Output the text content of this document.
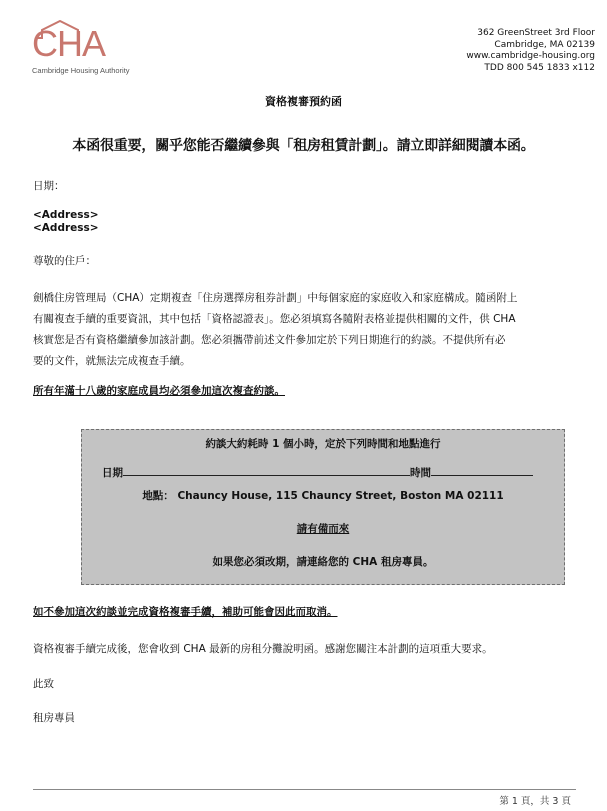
CHA
Cambridge Housing Authority
362 GreenStreet 3rd Floor
Cambridge, MA 02139
www.cambridge-housing.org
TDD 800 545 1833 x112
資格複審預約函
本函很重要，關乎您能否繼續參與「租房租賃計劃」。請立即詳細閱讀本函。
日期：
<Address>
<Address>
尊敬的住戶：
劍橋住房管理局（CHA）定期複查「住房選擇房租券計劃」中每個家庭的家庭收入和家庭構成。隨函附上
有關複查手續的重要資訊，其中包括「資格認證表」。您必須填寫各隨附表格並提供相關的文件，供 CHA
核實您是否有資格繼續參加該計劃。您必須攜帶前述文件參加定於下列日期進行的約談。不提供所有必
要的文件，就無法完成複查手續。
所有年滿十八歲的家庭成員均必須參加這次複查約談。
約談大約耗時 1 個小時，定於下列時間和地點進行
日期	時間
地點： Chauncy House, 115 Chauncy Street, Boston MA 02111
請有備而來
如果您必須改期，請連絡您的 CHA 租房專員。
如不參加這次約談並完成資格複審手續，補助可能會因此而取消。
資格複審手續完成後，您會收到 CHA 最新的房租分攤說明函。感謝您關注本計劃的這項重大要求。
此致
租房專員
第 1 頁，共 3 頁
